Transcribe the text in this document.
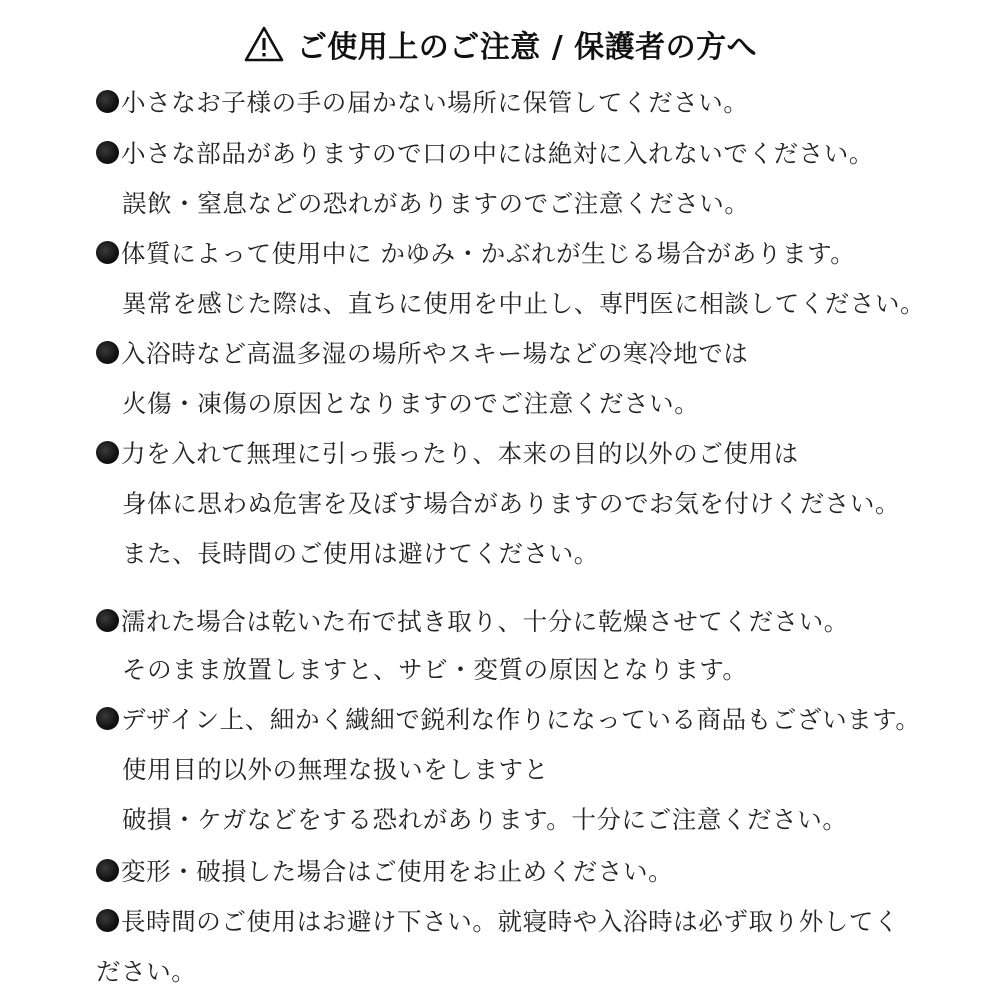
ご使用上のご注意 / 保護者の方へ
小さなお子様の手の届かない場所に保管してください。
小さな部品がありますので口の中には絶対に入れないでください。
誤飲・窒息などの恐れがありますのでご注意ください。
体質によって使用中に かゆみ・かぶれが生じる場合があります。
異常を感じた際は、直ちに使用を中止し、専門医に相談してください。
入浴時など高温多湿の場所やスキー場などの寒冷地では
火傷・凍傷の原因となりますのでご注意ください。
力を入れて無理に引っ張ったり、本来の目的以外のご使用は
身体に思わぬ危害を及ぼす場合がありますのでお気を付けください。
また、長時間のご使用は避けてください。
濡れた場合は乾いた布で拭き取り、十分に乾燥させてください。
そのまま放置しますと、サビ・変質の原因となります。
デザイン上、細かく繊細で鋭利な作りになっている商品もございます。
使用目的以外の無理な扱いをしますと
破損・ケガなどをする恐れがあります。十分にご注意ください。
変形・破損した場合はご使用をお止めください。
長時間のご使用はお避け下さい。就寝時や入浴時は必ず取り外してく
ださい。
